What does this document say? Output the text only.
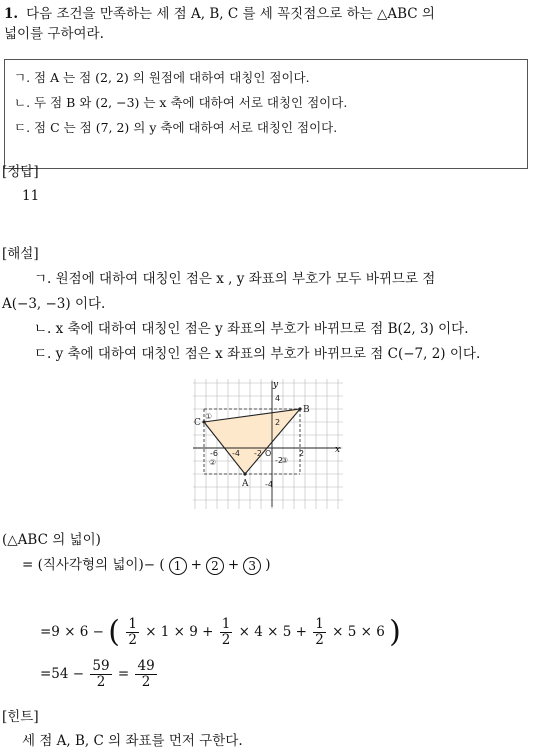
1. 다음 조건을 만족하는 세 점 A, B, C 를 세 꼭짓점으로 하는 △ABC 의
넓이를 구하여라.
ㄱ. 점 A 는 점 (2, 2) 의 원점에 대하여 대칭인 점이다.
ㄴ. 두 점 B 와 (2, −3) 는 x 축에 대하여 서로 대칭인 점이다.
ㄷ. 점 C 는 점 (7, 2) 의 y 축에 대하여 서로 대칭인 점이다.
[정답]
11
[해설]
ㄱ. 원점에 대하여 대칭인 점은 x , y 좌표의 부호가 모두 바뀌므로 점
A(−3, −3) 이다.
ㄴ. x 축에 대하여 대칭인 점은 y 좌표의 부호가 바뀌므로 점 B(2, 3) 이다.
ㄷ. y 축에 대하여 대칭인 점은 x 좌표의 부호가 바뀌므로 점 C(−7, 2) 이다.
x
y
-6 -4 -2	2
2
-2
-4
4
O
C
B
A
①
②	③
(△ABC 의 넓이)
= (직사각형의 넓이)− ( 1 + 2 + 3 )
=9 × 6 − ( $\frac{1}{2} \times 1 \times 9 + \frac{1}{2} \times 4 \times 5 + \frac{1}{2} \times 5 \times 6$ )
$=54 - \frac{59}{2} = \frac{49}{2}$
[힌트]
세 점 A, B, C 의 좌표를 먼저 구한다.
